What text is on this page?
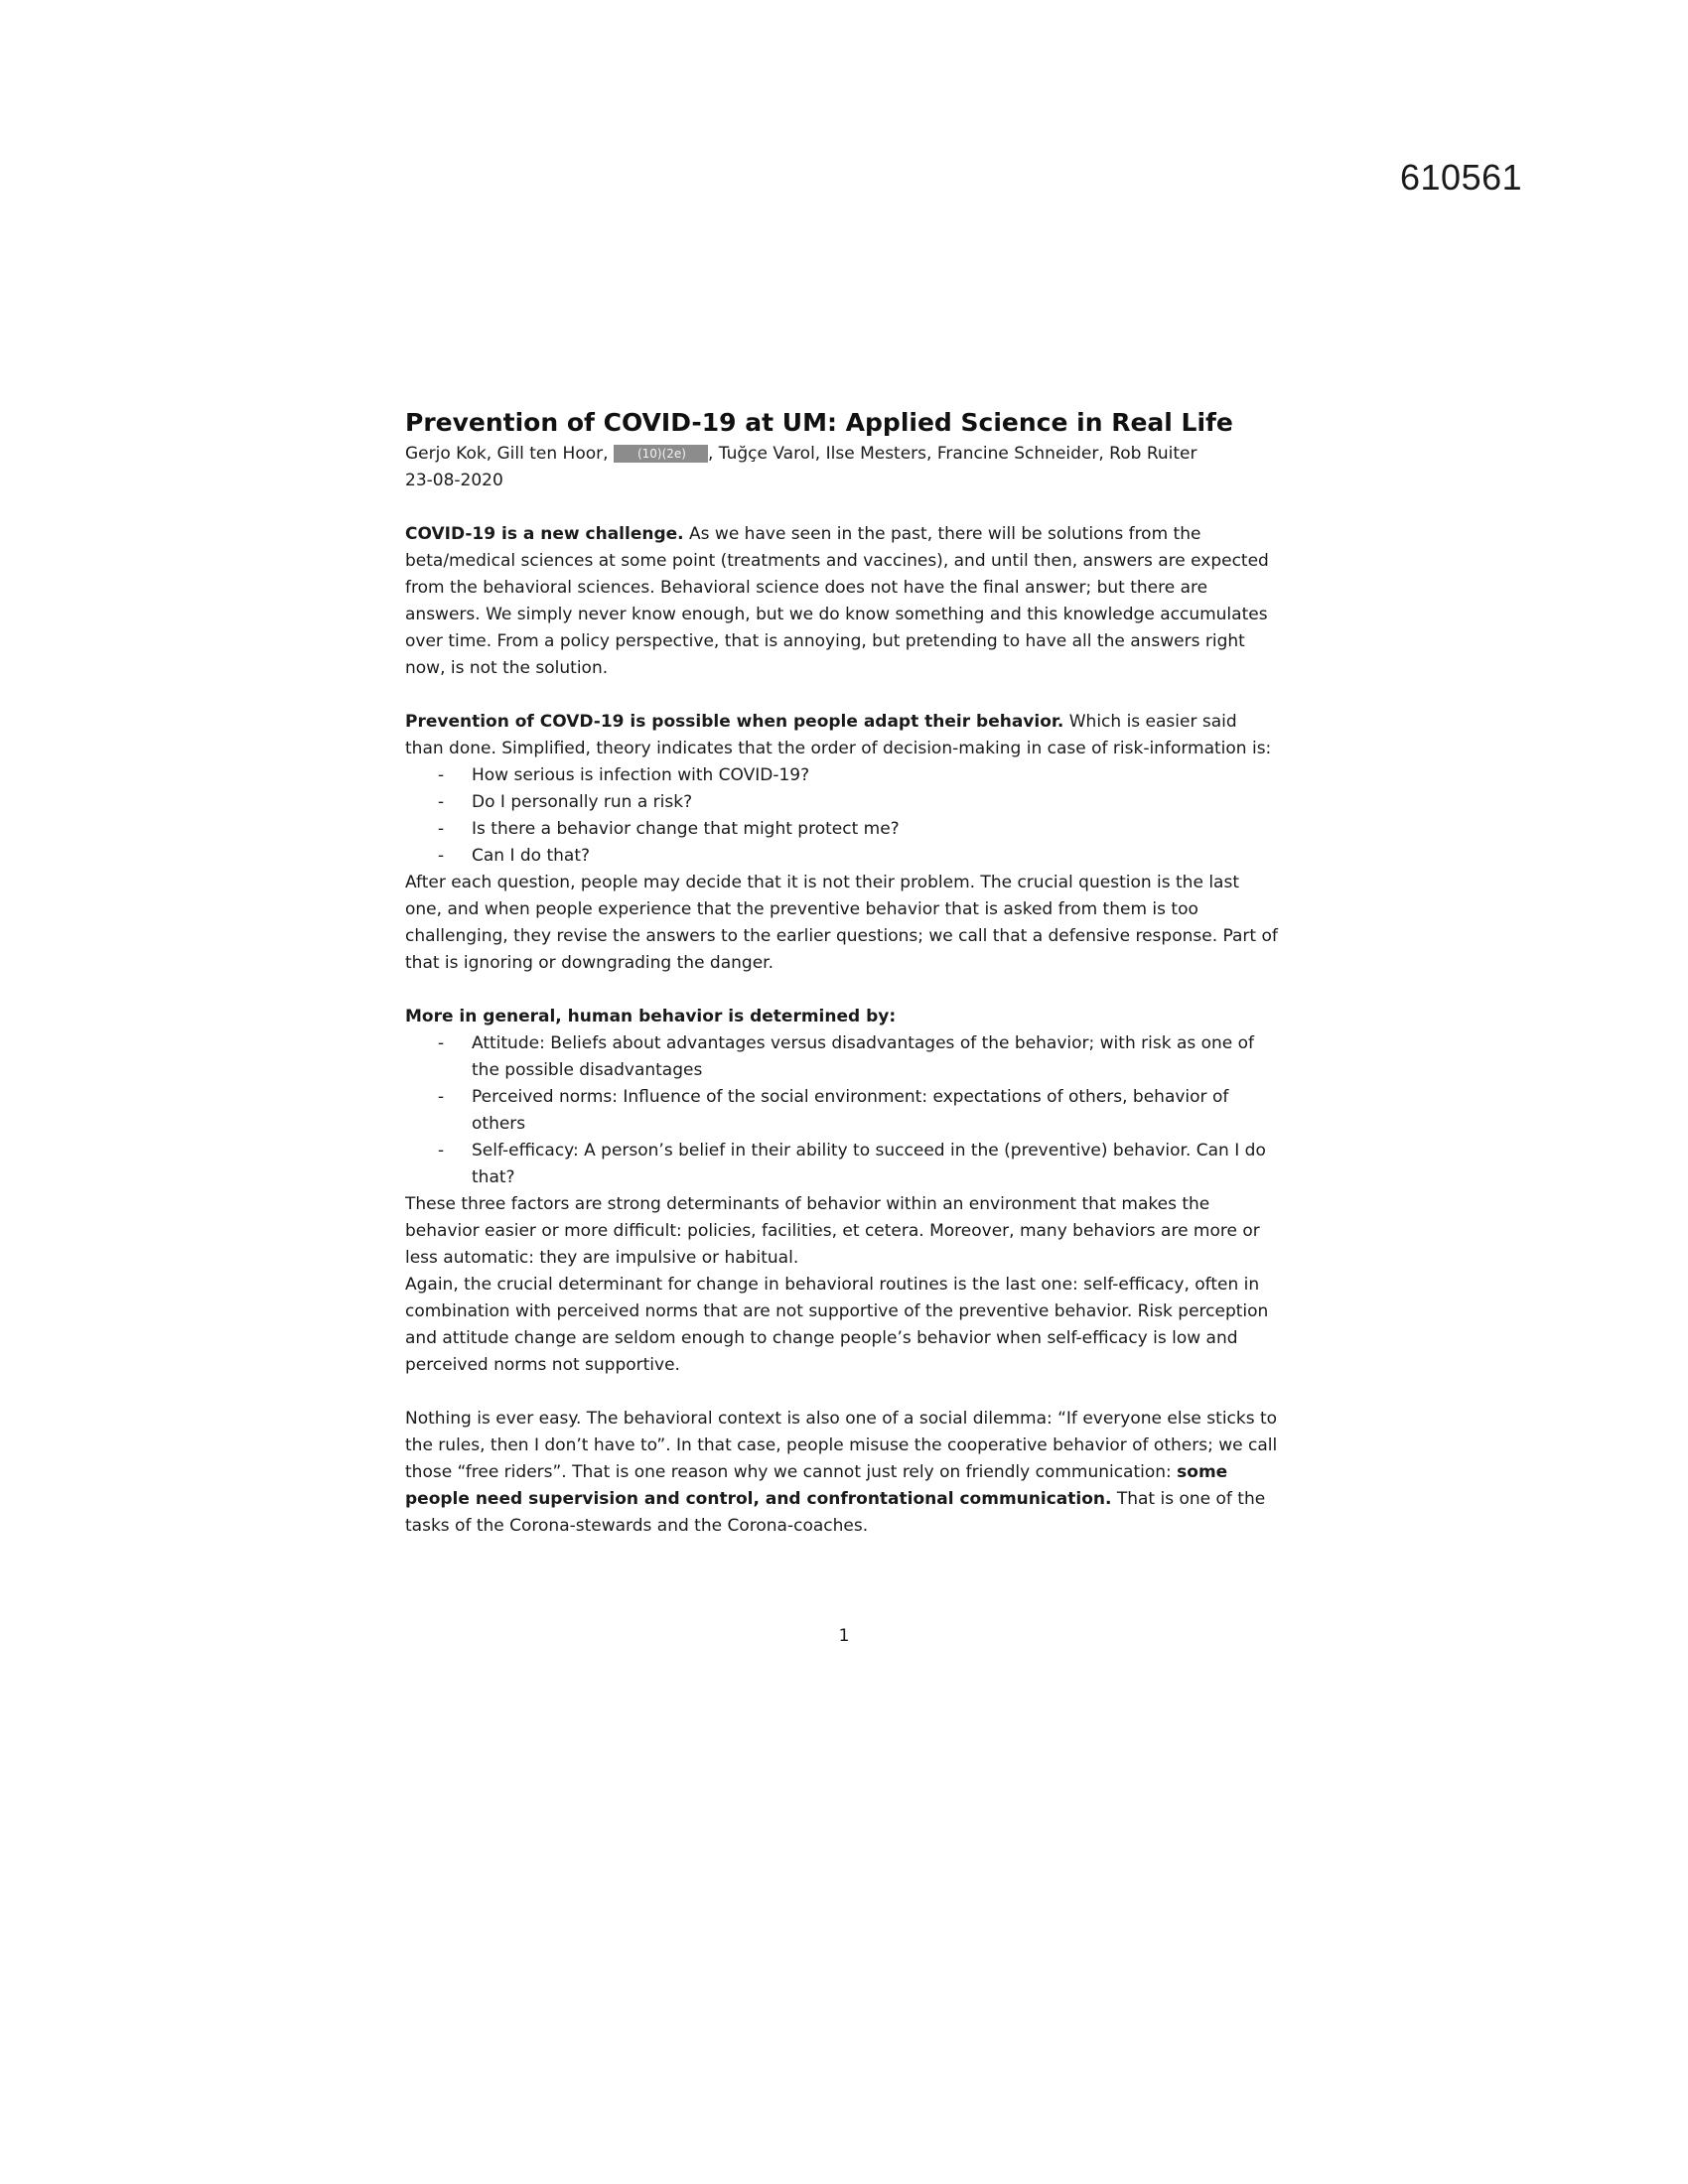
610561
Prevention of COVID-19 at UM: Applied Science in Real Life

Gerjo Kok, Gill ten Hoor, (10)(2e) , Tuğçe Varol, Ilse Mesters, Francine Schneider, Rob Ruiter

23-08-2020

COVID-19 is a new challenge. As we have seen in the past, there will be solutions from the beta/medical sciences at some point (treatments and vaccines), and until then, answers are expected from the behavioral sciences. Behavioral science does not have the final answer; but there are answers. We simply never know enough, but we do know something and this knowledge accumulates over time. From a policy perspective, that is annoying, but pretending to have all the answers right now, is not the solution.

Prevention of COVD-19 is possible when people adapt their behavior. Which is easier said than done. Simplified, theory indicates that the order of decision-making in case of risk-information is:

- How serious is infection with COVID-19?
- Do I personally run a risk?
- Is there a behavior change that might protect me?
- Can I do that?

After each question, people may decide that it is not their problem. The crucial question is the last one, and when people experience that the preventive behavior that is asked from them is too challenging, they revise the answers to the earlier questions; we call that a defensive response. Part of that is ignoring or downgrading the danger.

More in general, human behavior is determined by:

- Attitude: Beliefs about advantages versus disadvantages of the behavior; with risk as one of the possible disadvantages
- Perceived norms: Influence of the social environment: expectations of others, behavior of others
- Self-efficacy: A person’s belief in their ability to succeed in the (preventive) behavior. Can I do that?

These three factors are strong determinants of behavior within an environment that makes the behavior easier or more difficult: policies, facilities, et cetera. Moreover, many behaviors are more or less automatic: they are impulsive or habitual.

Again, the crucial determinant for change in behavioral routines is the last one: self-efficacy, often in combination with perceived norms that are not supportive of the preventive behavior. Risk perception and attitude change are seldom enough to change people’s behavior when self-efficacy is low and perceived norms not supportive.

Nothing is ever easy. The behavioral context is also one of a social dilemma: “If everyone else sticks to the rules, then I don’t have to”. In that case, people misuse the cooperative behavior of others; we call those “free riders”. That is one reason why we cannot just rely on friendly communication: some people need supervision and control, and confrontational communication. That is one of the tasks of the Corona-stewards and the Corona-coaches.

1
